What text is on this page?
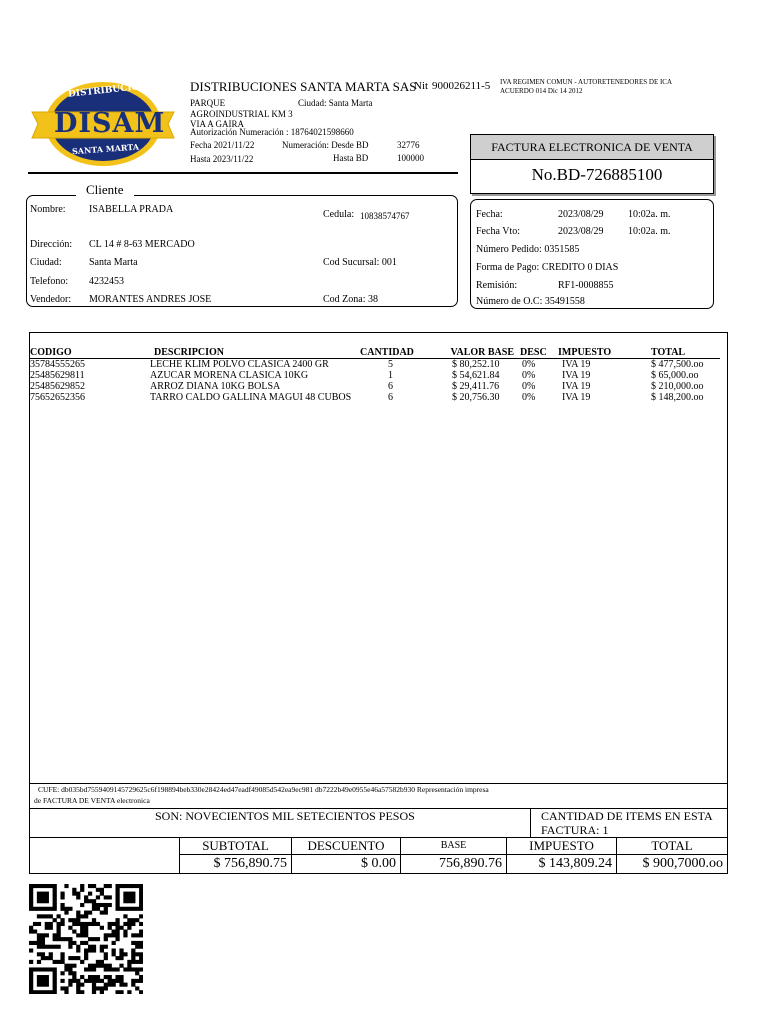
DISTRIBUCIONES
DISAM
SANTA MARTA
DISTRIBUCIONES SANTA MARTA SAS
Nit 900026211-5 IVA REGIMEN COMUN - AUTORETENEDORES DE ICA
ACUERDO 014 Dic 14 2012
PARQUE	Ciudad: Santa Marta
AGROINDUSTRIAL KM 3
VIA A GAIRA
Autorización Numeración : 18764021598660
Fecha 2021/11/22	Numeración: Desde BD	32776
Hasta 2023/11/22	Hasta BD	100000
FACTURA ELECTRONICA DE VENTA
No.BD-726885100
Cliente
Nombre: ISABELLA PRADA	Cedula: 10838574767
Dirección: CL 14 # 8-63 MERCADO
Ciudad:	Santa Marta	Cod Sucursal: 001
Telefono: 4232453
Vendedor: MORANTES ANDRES JOSE	Cod Zona: 38
Fecha:	2023/08/29 10:02a. m.
Fecha Vto:	2023/08/29 10:02a. m.
Número Pedido: 0351585
Forma de Pago: CREDITO 0 DIAS
Remisión:	RF1-0008855
Número de O.C: 35491558
CODIGO	DESCRIPCION	CANTIDAD	VALOR BASE	DESC	IMPUESTO	TOTAL
35784555265	LECHE KLIM POLVO CLASICA 2400 GR	5	$ 80,252.10	0%	IVA 19	$ 477,500.oo
25485629811	AZUCAR MORENA CLASICA 10KG	1	$ 54,621.84	0%	IVA 19	$ 65,000.oo
25485629852	ARROZ DIANA 10KG BOLSA	6	$ 29,411.76	0%	IVA 19	$ 210,000.oo
75652652356	TARRO CALDO GALLINA MAGUI 48 CUBOS	6	$ 20,756.30	0%	IVA 19	$ 148,200.oo
CUFE: db035bd7559409145729625c6f198894beb330e28424ed47eadf49085d542ea9ec981 db7222b49e0955e46a57582b930 Representación impresa
de FACTURA DE VENTA electronica
SON: NOVECIENTOS MIL SETECIENTOS PESOS	CANTIDAD DE ITEMS EN ESTA
FACTURA: 1
SUBTOTAL	DESCUENTO	BASE	IMPUESTO	TOTAL
$ 756,890.75	$ 0.00	756,890.76	$ 143,809.24	$ 900,7000.oo
